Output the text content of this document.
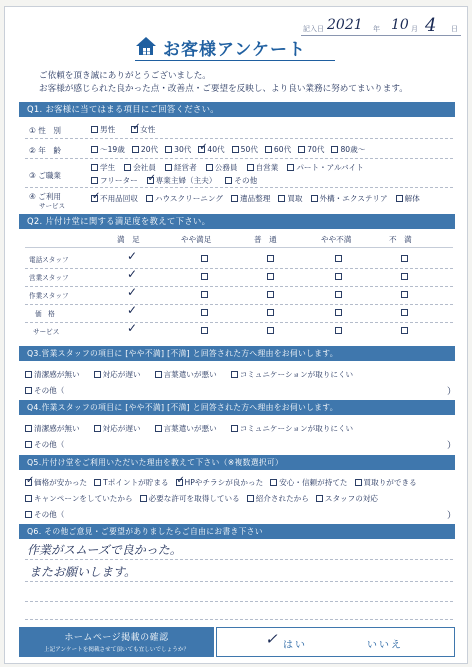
記入日 2021 年 10 月 4 日
お客様アンケート
ご依頼を頂き誠にありがとうございました。
お客様が感じられた良かった点・改善点・ご要望を反映し、より良い業務に努めてまいります。
Q1. お客様に当てはまる項目にご回答ください。
① 性　別	男性 ✓	女性
② 年　齢	～19歳 20代 30代 ✓ 40代 50代 60代 70代 80歳～
③ ご職業
学生 会社員 経営者 公務員 自営業 パート・アルバイト
フリーター ✓ 専業主婦（主夫） その他
④ ご利用
サービス
✓
不用品回収 ハウスクリーニング 遺品整理 買取 外構・エクステリア 解体
Q2. 片付け堂に関する満足度を教えて下さい。
満　足	やや満足	普　通	やや不満	不　満
電話スタッフ	✓
営業スタッフ	✓
作業スタッフ	✓
価　格	✓
サービス	✓
Q3.営業スタッフの項目に [やや不満] [不満] と回答された方へ理由をお伺いします。
清潔感が無い	対応が遅い	言葉遣いが悪い	コミュニケーションが取りにくい
その他（	）
Q4.作業スタッフの項目に [やや不満] [不満] と回答された方へ理由をお伺いします。
清潔感が無い	対応が遅い	言葉遣いが悪い	コミュニケーションが取りにくい
その他（	）
Q5.片付け堂をご利用いただいた理由を教えて下さい（※複数選択可）
✓
価格が安かった Tポイントが貯まる ✓ HPやチラシが良かった 安心・信頼が持てた 買取りができる
キャンペーンをしていたから 必要な許可を取得している 紹介されたから スタッフの対応
その他（	）
Q6. その他ご意見・ご要望がありましたらご自由にお書き下さい
作業がスムーズで良かった。
またお願いします。
ホームページ掲載の確認
上記アンケートを掲載させて頂いても宜しいでしょうか？
✓ はい	いいえ
